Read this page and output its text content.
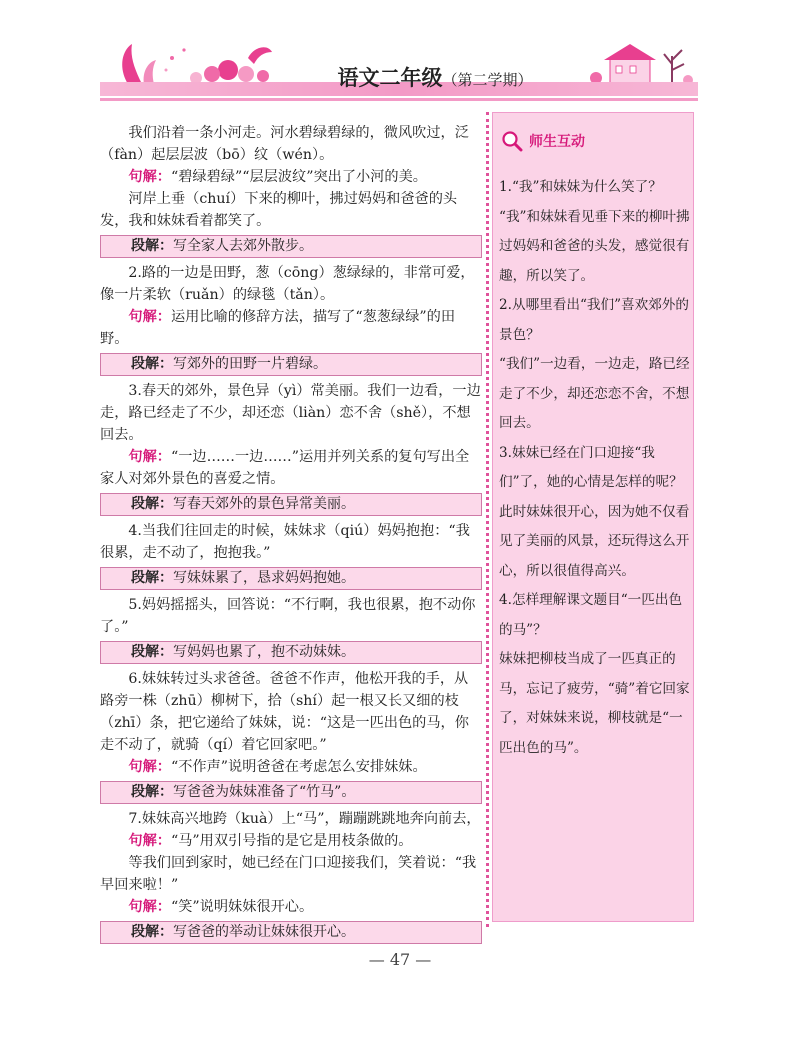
语文二年级（第二学期）

我们沿着一条小河走。河水碧绿碧绿的，微风吹过，泛（fàn）起层层波（bō）纹（wén）。

句解：“碧绿碧绿”“层层波纹”突出了小河的美。

河岸上垂（chuí）下来的柳叶，拂过妈妈和爸爸的头发，我和妹妹看着都笑了。

段解：写全家人去郊外散步。

2.路的一边是田野，葱（cōng）葱绿绿的，非常可爱，像一片柔软（ruǎn）的绿毯（tǎn）。

句解：运用比喻的修辞方法，描写了“葱葱绿绿”的田野。

段解：写郊外的田野一片碧绿。

3.春天的郊外，景色异（yì）常美丽。我们一边看，一边走，路已经走了不少，却还恋（liàn）恋不舍（shě），不想回去。

句解：“一边……一边……”运用并列关系的复句写出全家人对郊外景色的喜爱之情。

段解：写春天郊外的景色异常美丽。

4.当我们往回走的时候，妹妹求（qiú）妈妈抱抱：“我很累，走不动了，抱抱我。”

段解：写妹妹累了，恳求妈妈抱她。

5.妈妈摇摇头，回答说：“不行啊，我也很累，抱不动你了。”

段解：写妈妈也累了，抱不动妹妹。

6.妹妹转过头求爸爸。爸爸不作声，他松开我的手，从路旁一株（zhū）柳树下，拾（shí）起一根又长又细的枝（zhī）条，把它递给了妹妹，说：“这是一匹出色的马，你走不动了，就骑（qí）着它回家吧。”

句解：“不作声”说明爸爸在考虑怎么安排妹妹。

段解：写爸爸为妹妹准备了“竹马”。

7.妹妹高兴地跨（kuà）上“马”，蹦蹦跳跳地奔向前去，

句解：“马”用双引号指的是它是用枝条做的。

等我们回到家时，她已经在门口迎接我们，笑着说：“我早回来啦！”

句解：“笑”说明妹妹很开心。

段解：写爸爸的举动让妹妹很开心。
师生互动

1.“我”和妹妹为什么笑了？

“我”和妹妹看见垂下来的柳叶拂过妈妈和爸爸的头发，感觉很有趣，所以笑了。

2.从哪里看出“我们”喜欢郊外的景色？

“我们”一边看，一边走，路已经走了不少，却还恋恋不舍，不想回去。

3.妹妹已经在门口迎接“我们”了，她的心情是怎样的呢？

此时妹妹很开心，因为她不仅看见了美丽的风景，还玩得这么开心，所以很值得高兴。

4.怎样理解课文题目“一匹出色的马”？

妹妹把柳枝当成了一匹真正的马，忘记了疲劳，“骑”着它回家了，对妹妹来说，柳枝就是“一匹出色的马”。

— 47 —
